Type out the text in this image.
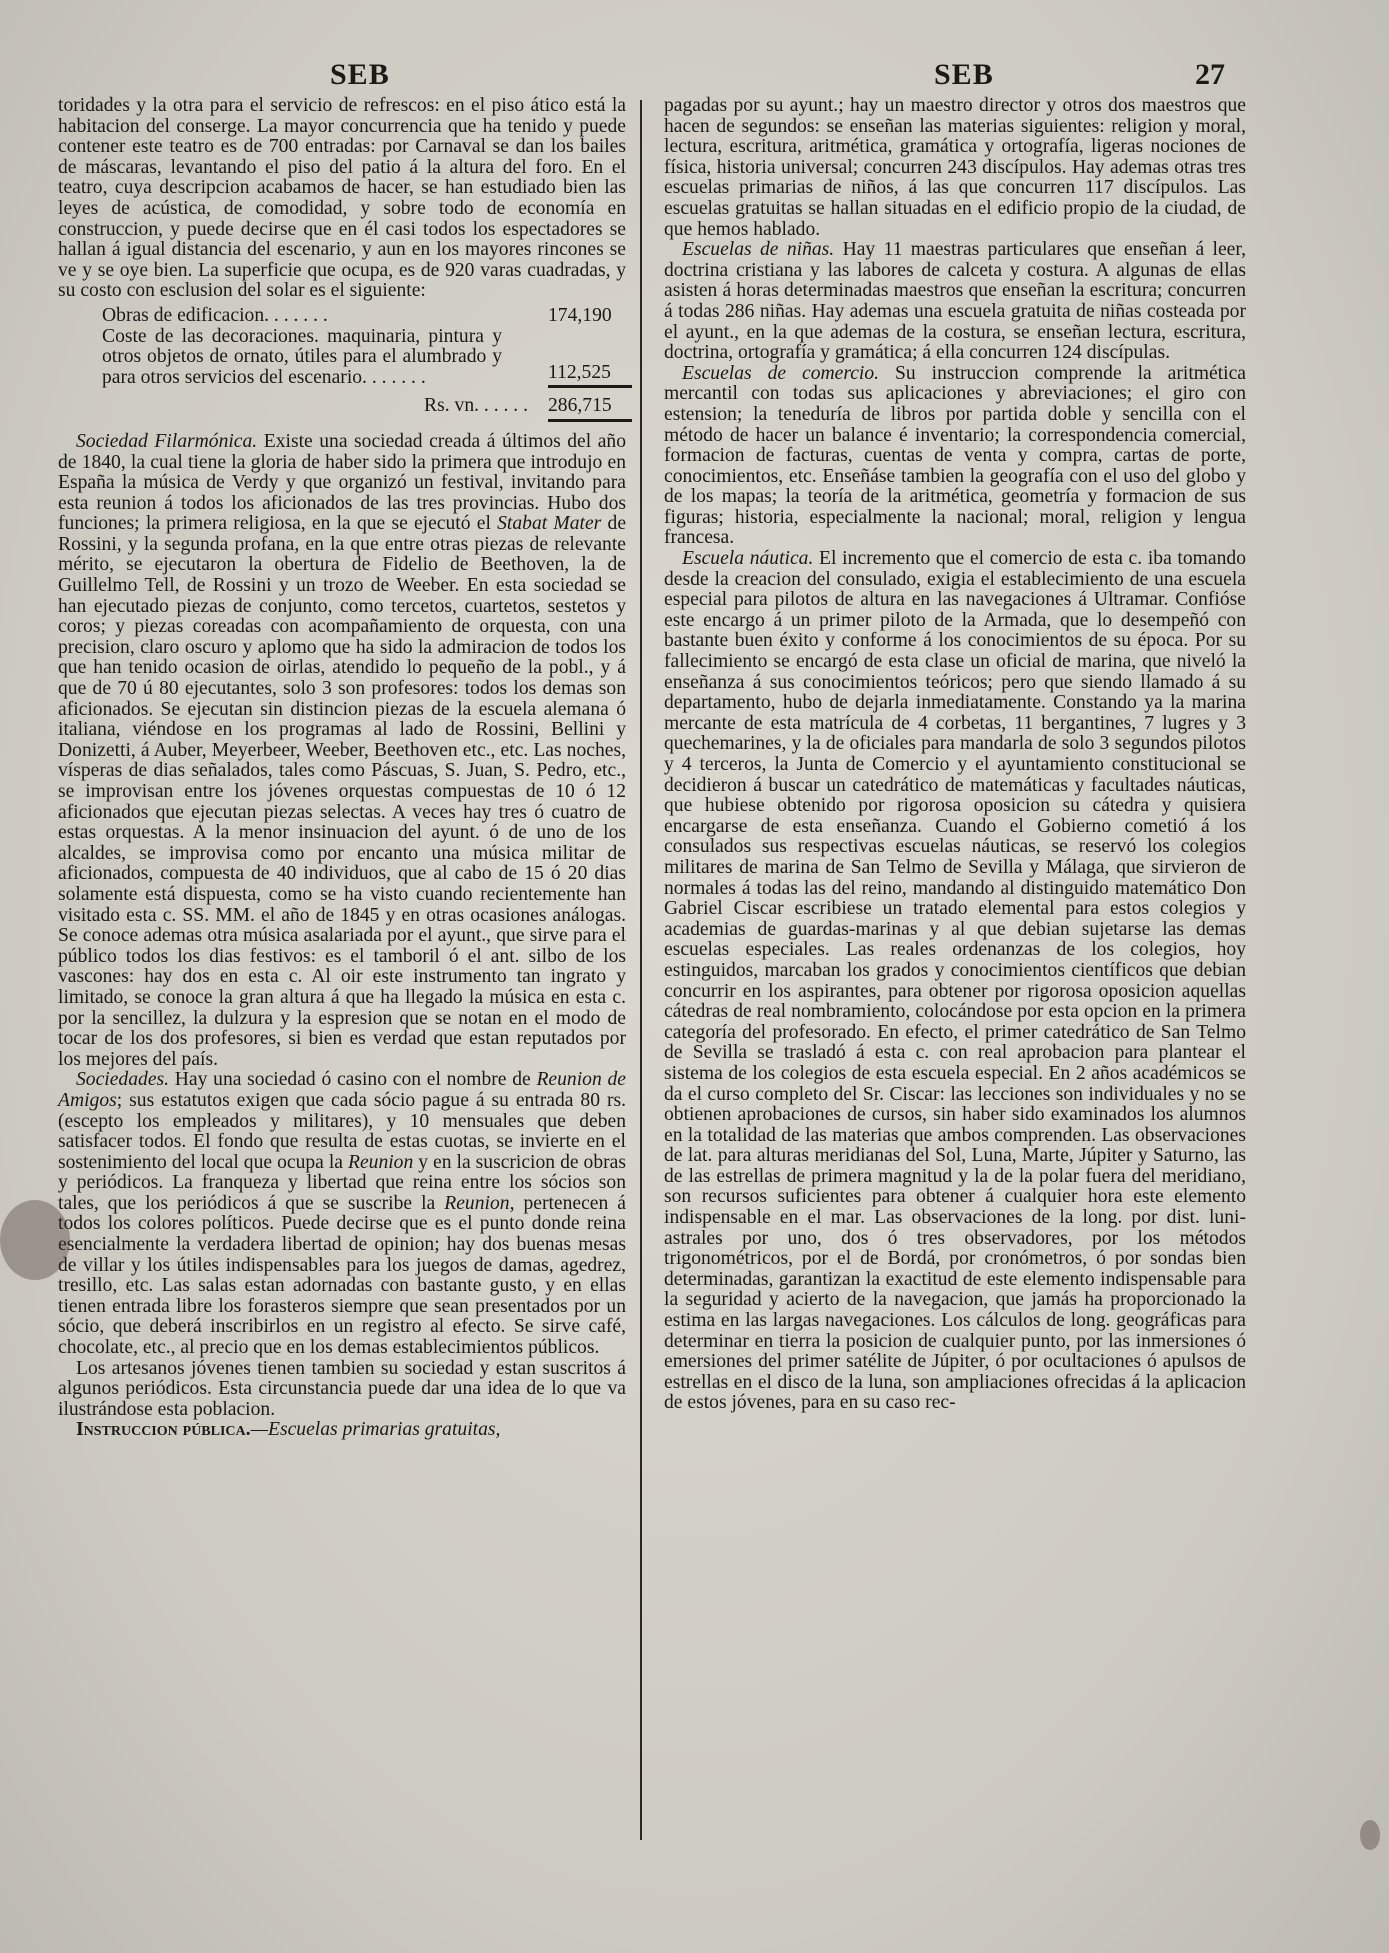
SEB	SEB	27

toridades y la otra para el servicio de refrescos: en el piso ático está la habitacion del conserge. La mayor concurrencia que ha tenido y puede contener este teatro es de 700 entradas: por Carnaval se dan los bailes de máscaras, levantando el piso del patio á la altura del foro. En el teatro, cuya descripcion acabamos de hacer, se han estudiado bien las leyes de acústica, de comodidad, y sobre todo de economía en construccion, y puede decirse que en él casi todos los espectadores se hallan á igual distancia del escenario, y aun en los mayores rincones se ve y se oye bien. La superficie que ocupa, es de 920 varas cuadradas, y su costo con esclusion del solar es el siguiente:

Obras de edificacion. . . . . . .	174,190
Coste de las decoraciones. maquinaria, pintura y otros objetos de ornato, útiles para el alumbrado y para otros servicios del escenario. . . . . . .	112,525
Rs. vn. . . . . . 286,715

Sociedad Filarmónica. Existe una sociedad creada á últimos del año de 1840, la cual tiene la gloria de haber sido la primera que introdujo en España la música de Verdy y que organizó un festival, invitando para esta reunion á todos los aficionados de las tres provincias. Hubo dos funciones; la primera religiosa, en la que se ejecutó el Stabat Mater de Rossini, y la segunda profana, en la que entre otras piezas de relevante mérito, se ejecutaron la obertura de Fidelio de Beethoven, la de Guillelmo Tell, de Rossini y un trozo de Weeber. En esta sociedad se han ejecutado piezas de conjunto, como tercetos, cuartetos, sestetos y coros; y piezas coreadas con acompañamiento de orquesta, con una precision, claro oscuro y aplomo que ha sido la admiracion de todos los que han tenido ocasion de oirlas, atendido lo pequeño de la pobl., y á que de 70 ú 80 ejecutantes, solo 3 son profesores: todos los demas son aficionados. Se ejecutan sin distincion piezas de la escuela alemana ó italiana, viéndose en los programas al lado de Rossini, Bellini y Donizetti, á Auber, Meyerbeer, Weeber, Beethoven etc., etc. Las noches, vísperas de dias señalados, tales como Páscuas, S. Juan, S. Pedro, etc., se improvisan entre los jóvenes orquestas compuestas de 10 ó 12 aficionados que ejecutan piezas selectas. A veces hay tres ó cuatro de estas orquestas. A la menor insinuacion del ayunt. ó de uno de los alcaldes, se improvisa como por encanto una música militar de aficionados, compuesta de 40 individuos, que al cabo de 15 ó 20 dias solamente está dispuesta, como se ha visto cuando recientemente han visitado esta c. SS. MM. el año de 1845 y en otras ocasiones análogas. Se conoce ademas otra música asalariada por el ayunt., que sirve para el público todos los dias festivos: es el tamboril ó el ant. silbo de los vascones: hay dos en esta c. Al oir este instrumento tan ingrato y limitado, se conoce la gran altura á que ha llegado la música en esta c. por la sencillez, la dulzura y la espresion que se notan en el modo de tocar de los dos profesores, si bien es verdad que estan reputados por los mejores del país.

Sociedades. Hay una sociedad ó casino con el nombre de Reunion de Amigos; sus estatutos exigen que cada sócio pague á su entrada 80 rs. (escepto los empleados y militares), y 10 mensuales que deben satisfacer todos. El fondo que resulta de estas cuotas, se invierte en el sostenimiento del local que ocupa la Reunion y en la suscricion de obras y periódicos. La franqueza y libertad que reina entre los sócios son tales, que los periódicos á que se suscribe la Reunion, pertenecen á todos los colores políticos. Puede decirse que es el punto donde reina esencialmente la verdadera libertad de opinion; hay dos buenas mesas de villar y los útiles indispensables para los juegos de damas, agedrez, tresillo, etc. Las salas estan adornadas con bastante gusto, y en ellas tienen entrada libre los forasteros siempre que sean presentados por un sócio, que deberá inscribirlos en un registro al efecto. Se sirve café, chocolate, etc., al precio que en los demas establecimientos públicos.

Los artesanos jóvenes tienen tambien su sociedad y estan suscritos á algunos periódicos. Esta circunstancia puede dar una idea de lo que va ilustrándose esta poblacion.

Instruccion pública.—Escuelas primarias gratuitas,

pagadas por su ayunt.; hay un maestro director y otros dos maestros que hacen de segundos: se enseñan las materias siguientes: religion y moral, lectura, escritura, aritmética, gramática y ortografía, ligeras nociones de física, historia universal; concurren 243 discípulos. Hay ademas otras tres escuelas primarias de niños, á las que concurren 117 discípulos. Las escuelas gratuitas se hallan situadas en el edificio propio de la ciudad, de que hemos hablado.

Escuelas de niñas. Hay 11 maestras particulares que enseñan á leer, doctrina cristiana y las labores de calceta y costura. A algunas de ellas asisten á horas determinadas maestros que enseñan la escritura; concurren á todas 286 niñas. Hay ademas una escuela gratuita de niñas costeada por el ayunt., en la que ademas de la costura, se enseñan lectura, escritura, doctrina, ortografía y gramática; á ella concurren 124 discípulas.

Escuelas de comercio. Su instruccion comprende la aritmética mercantil con todas sus aplicaciones y abreviaciones; el giro con estension; la teneduría de libros por partida doble y sencilla con el método de hacer un balance é inventario; la correspondencia comercial, formacion de facturas, cuentas de venta y compra, cartas de porte, conocimientos, etc. Enseñáse tambien la geografía con el uso del globo y de los mapas; la teoría de la aritmética, geometría y formacion de sus figuras; historia, especialmente la nacional; moral, religion y lengua francesa.

Escuela náutica. El incremento que el comercio de esta c. iba tomando desde la creacion del consulado, exigia el establecimiento de una escuela especial para pilotos de altura en las navegaciones á Ultramar. Confióse este encargo á un primer piloto de la Armada, que lo desempeñó con bastante buen éxito y conforme á los conocimientos de su época. Por su fallecimiento se encargó de esta clase un oficial de marina, que niveló la enseñanza á sus conocimientos teóricos; pero que siendo llamado á su departamento, hubo de dejarla inmediatamente. Constando ya la marina mercante de esta matrícula de 4 corbetas, 11 bergantines, 7 lugres y 3 quechemarines, y la de oficiales para mandarla de solo 3 segundos pilotos y 4 terceros, la Junta de Comercio y el ayuntamiento constitucional se decidieron á buscar un catedrático de matemáticas y facultades náuticas, que hubiese obtenido por rigorosa oposicion su cátedra y quisiera encargarse de esta enseñanza. Cuando el Gobierno cometió á los consulados sus respectivas escuelas náuticas, se reservó los colegios militares de marina de San Telmo de Sevilla y Málaga, que sirvieron de normales á todas las del reino, mandando al distinguido matemático Don Gabriel Ciscar escribiese un tratado elemental para estos colegios y academias de guardas-marinas y al que debian sujetarse las demas escuelas especiales. Las reales ordenanzas de los colegios, hoy estinguidos, marcaban los grados y conocimientos científicos que debian concurrir en los aspirantes, para obtener por rigorosa oposicion aquellas cátedras de real nombramiento, colocándose por esta opcion en la primera categoría del profesorado. En efecto, el primer catedrático de San Telmo de Sevilla se trasladó á esta c. con real aprobacion para plantear el sistema de los colegios de esta escuela especial. En 2 años académicos se da el curso completo del Sr. Ciscar: las lecciones son individuales y no se obtienen aprobaciones de cursos, sin haber sido examinados los alumnos en la totalidad de las materias que ambos comprenden. Las observaciones de lat. para alturas meridianas del Sol, Luna, Marte, Júpiter y Saturno, las de las estrellas de primera magnitud y la de la polar fuera del meridiano, son recursos suficientes para obtener á cualquier hora este elemento indispensable en el mar. Las observaciones de la long. por dist. luni-astrales por uno, dos ó tres observadores, por los métodos trigonométricos, por el de Bordá, por cronómetros, ó por sondas bien determinadas, garantizan la exactitud de este elemento indispensable para la seguridad y acierto de la navegacion, que jamás ha proporcionado la estima en las largas navegaciones. Los cálculos de long. geográficas para determinar en tierra la posicion de cualquier punto, por las inmersiones ó emersiones del primer satélite de Júpiter, ó por ocultaciones ó apulsos de estrellas en el disco de la luna, son ampliaciones ofrecidas á la aplicacion de estos jóvenes, para en su caso rec-
